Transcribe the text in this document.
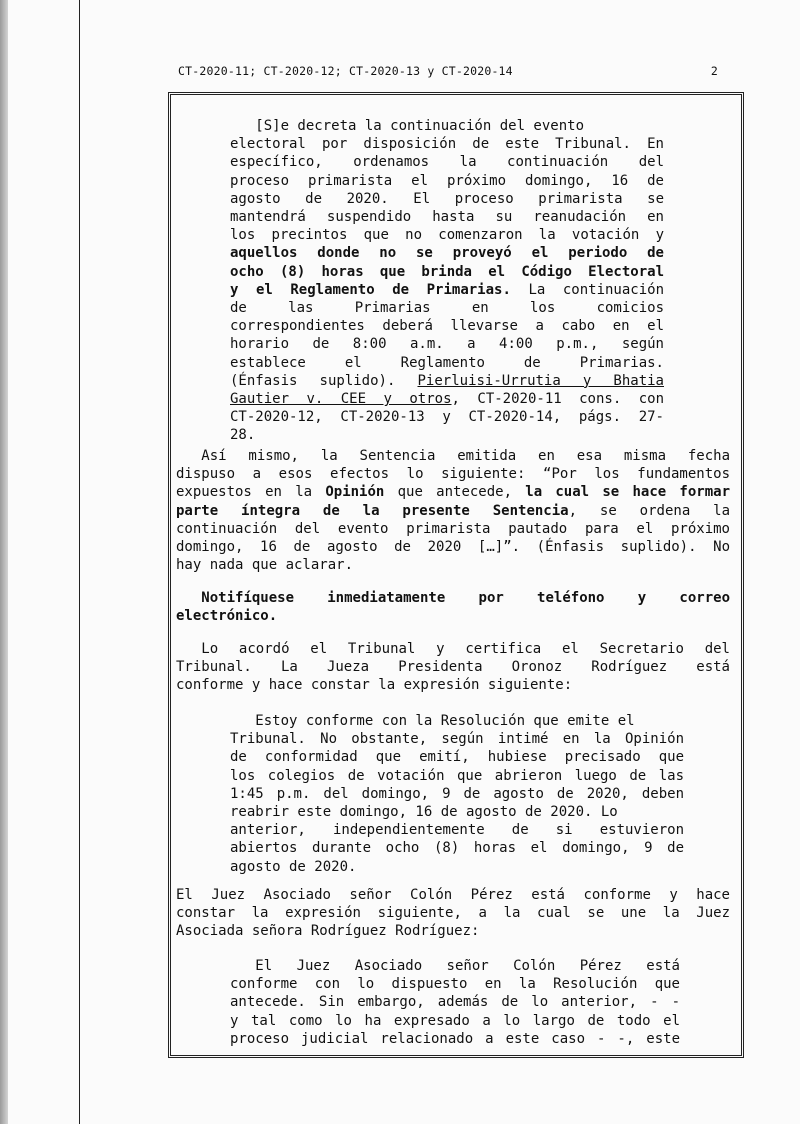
CT-2020-11; CT-2020-12; CT-2020-13 y CT-2020-14	2
[S]e decreta la continuación del evento
electoral por disposición de este Tribunal. En
específico, ordenamos la continuación del
proceso primarista el próximo domingo, 16 de
agosto de 2020. El proceso primarista se
mantendrá suspendido hasta su reanudación en
los precintos que no comenzaron la votación y
aquellos donde no se proveyó el periodo de
ocho (8) horas que brinda el Código Electoral
y el Reglamento de Primarias. La continuación
de las Primarias en los comicios
correspondientes deberá llevarse a cabo en el
horario de 8:00 a.m. a 4:00 p.m., según
establece el Reglamento de Primarias.
(Énfasis suplido). Pierluisi-Urrutia y Bhatia
Gautier v. CEE y otros, CT-2020-11 cons. con
CT-2020-12, CT-2020-13 y CT-2020-14, págs. 27-
28.
Así mismo, la Sentencia emitida en esa misma fecha
dispuso a esos efectos lo siguiente: “Por los fundamentos
expuestos en la Opinión que antecede, la cual se hace formar
parte íntegra de la presente Sentencia, se ordena la
continuación del evento primarista pautado para el próximo
domingo, 16 de agosto de 2020 […]”. (Énfasis suplido). No
hay nada que aclarar.
Notifíquese inmediatamente por teléfono y correo
electrónico.
Lo acordó el Tribunal y certifica el Secretario del
Tribunal. La Jueza Presidenta Oronoz Rodríguez está
conforme y hace constar la expresión siguiente:
Estoy conforme con la Resolución que emite el
Tribunal. No obstante, según intimé en la Opinión
de conformidad que emití, hubiese precisado que
los colegios de votación que abrieron luego de las
1:45 p.m. del domingo, 9 de agosto de 2020, deben
reabrir este domingo, 16 de agosto de 2020. Lo
anterior, independientemente de si estuvieron
abiertos durante ocho (8) horas el domingo, 9 de
agosto de 2020.
El Juez Asociado señor Colón Pérez está conforme y hace
constar la expresión siguiente, a la cual se une la Juez
Asociada señora Rodríguez Rodríguez:
El Juez Asociado señor Colón Pérez está
conforme con lo dispuesto en la Resolución que
antecede. Sin embargo, además de lo anterior, - -
y tal como lo ha expresado a lo largo de todo el
proceso judicial relacionado a este caso - -, este
